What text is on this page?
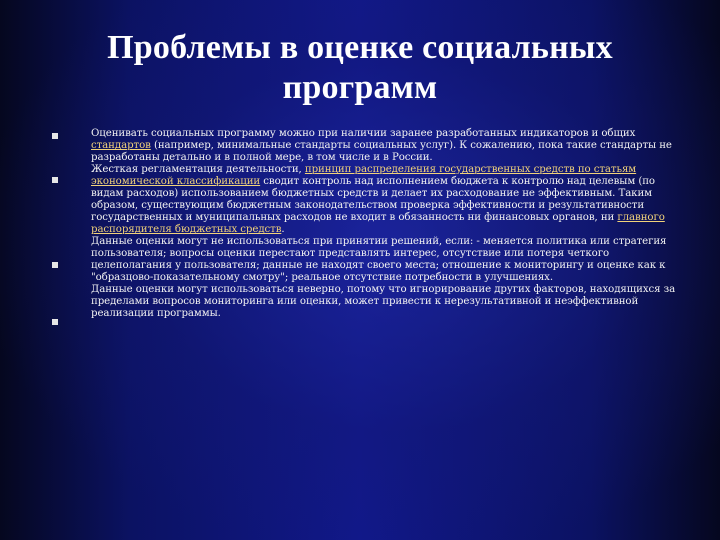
Проблемы в оценке социальных
программ

Оценивать социальных программу можно при наличии заранее разработанных индикаторов и общих стандартов (например, минимальные стандарты социальных услуг). К сожалению, пока такие стандарты не разработаны детально и в полной мере, в том числе и в России.

Жесткая регламентация деятельности, принцип распределения государственных средств по статьям экономической классификации сводит контроль над исполнением бюджета к контролю над целевым (по видам расходов) использованием бюджетных средств и делает их расходование не эффективным. Таким образом, существующим бюджетным законодательством проверка эффективности и результативности государственных и муниципальных расходов не входит в обязанность ни финансовых органов, ни главного распорядителя бюджетных средств.

Данные оценки могут не использоваться при принятии решений, если: - меняется политика или стратегия пользователя; вопросы оценки перестают представлять интерес, отсутствие или потеря четкого целеполагания у пользователя; данные не находят своего места; отношение к мониторингу и оценке как к "образцово-показательному смотру"; реальное отсутствие потребности в улучшениях.

Данные оценки могут использоваться неверно, потому что игнорирование других факторов, находящихся за пределами вопросов мониторинга или оценки, может привести к нерезультативной и неэффективной реализации программы.
